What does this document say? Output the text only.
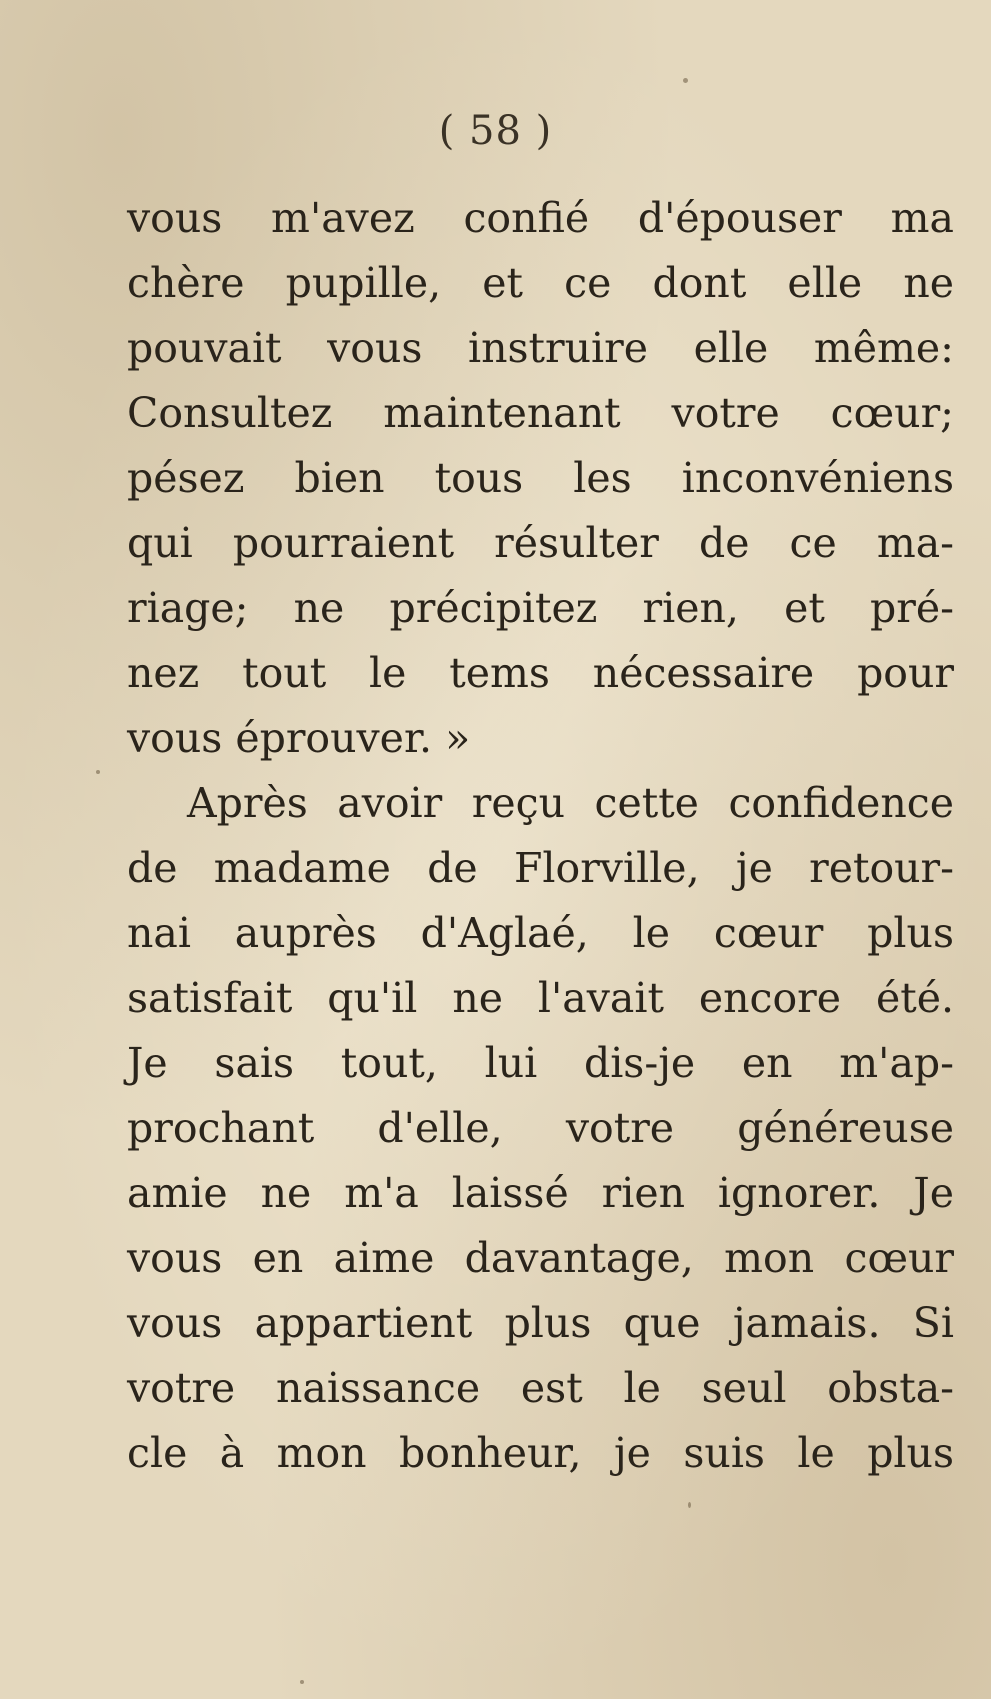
( 58 )
vous m'avez confié d'épouser ma
chère pupille, et ce dont elle ne
pouvait vous instruire elle même:
Consultez maintenant votre cœur;
pésez bien tous les inconvéniens
qui pourraient résulter de ce ma-
riage; ne précipitez rien, et pré-
nez tout le tems nécessaire pour
vous éprouver. »
Après avoir reçu cette confidence
de madame de Florville, je retour-
nai auprès d'Aglaé, le cœur plus
satisfait qu'il ne l'avait encore été.
Je sais tout, lui dis-je en m'ap-
prochant d'elle, votre généreuse
amie ne m'a laissé rien ignorer. Je
vous en aime davantage, mon cœur
vous appartient plus que jamais. Si
votre naissance est le seul obsta-
cle à mon bonheur, je suis le plus
